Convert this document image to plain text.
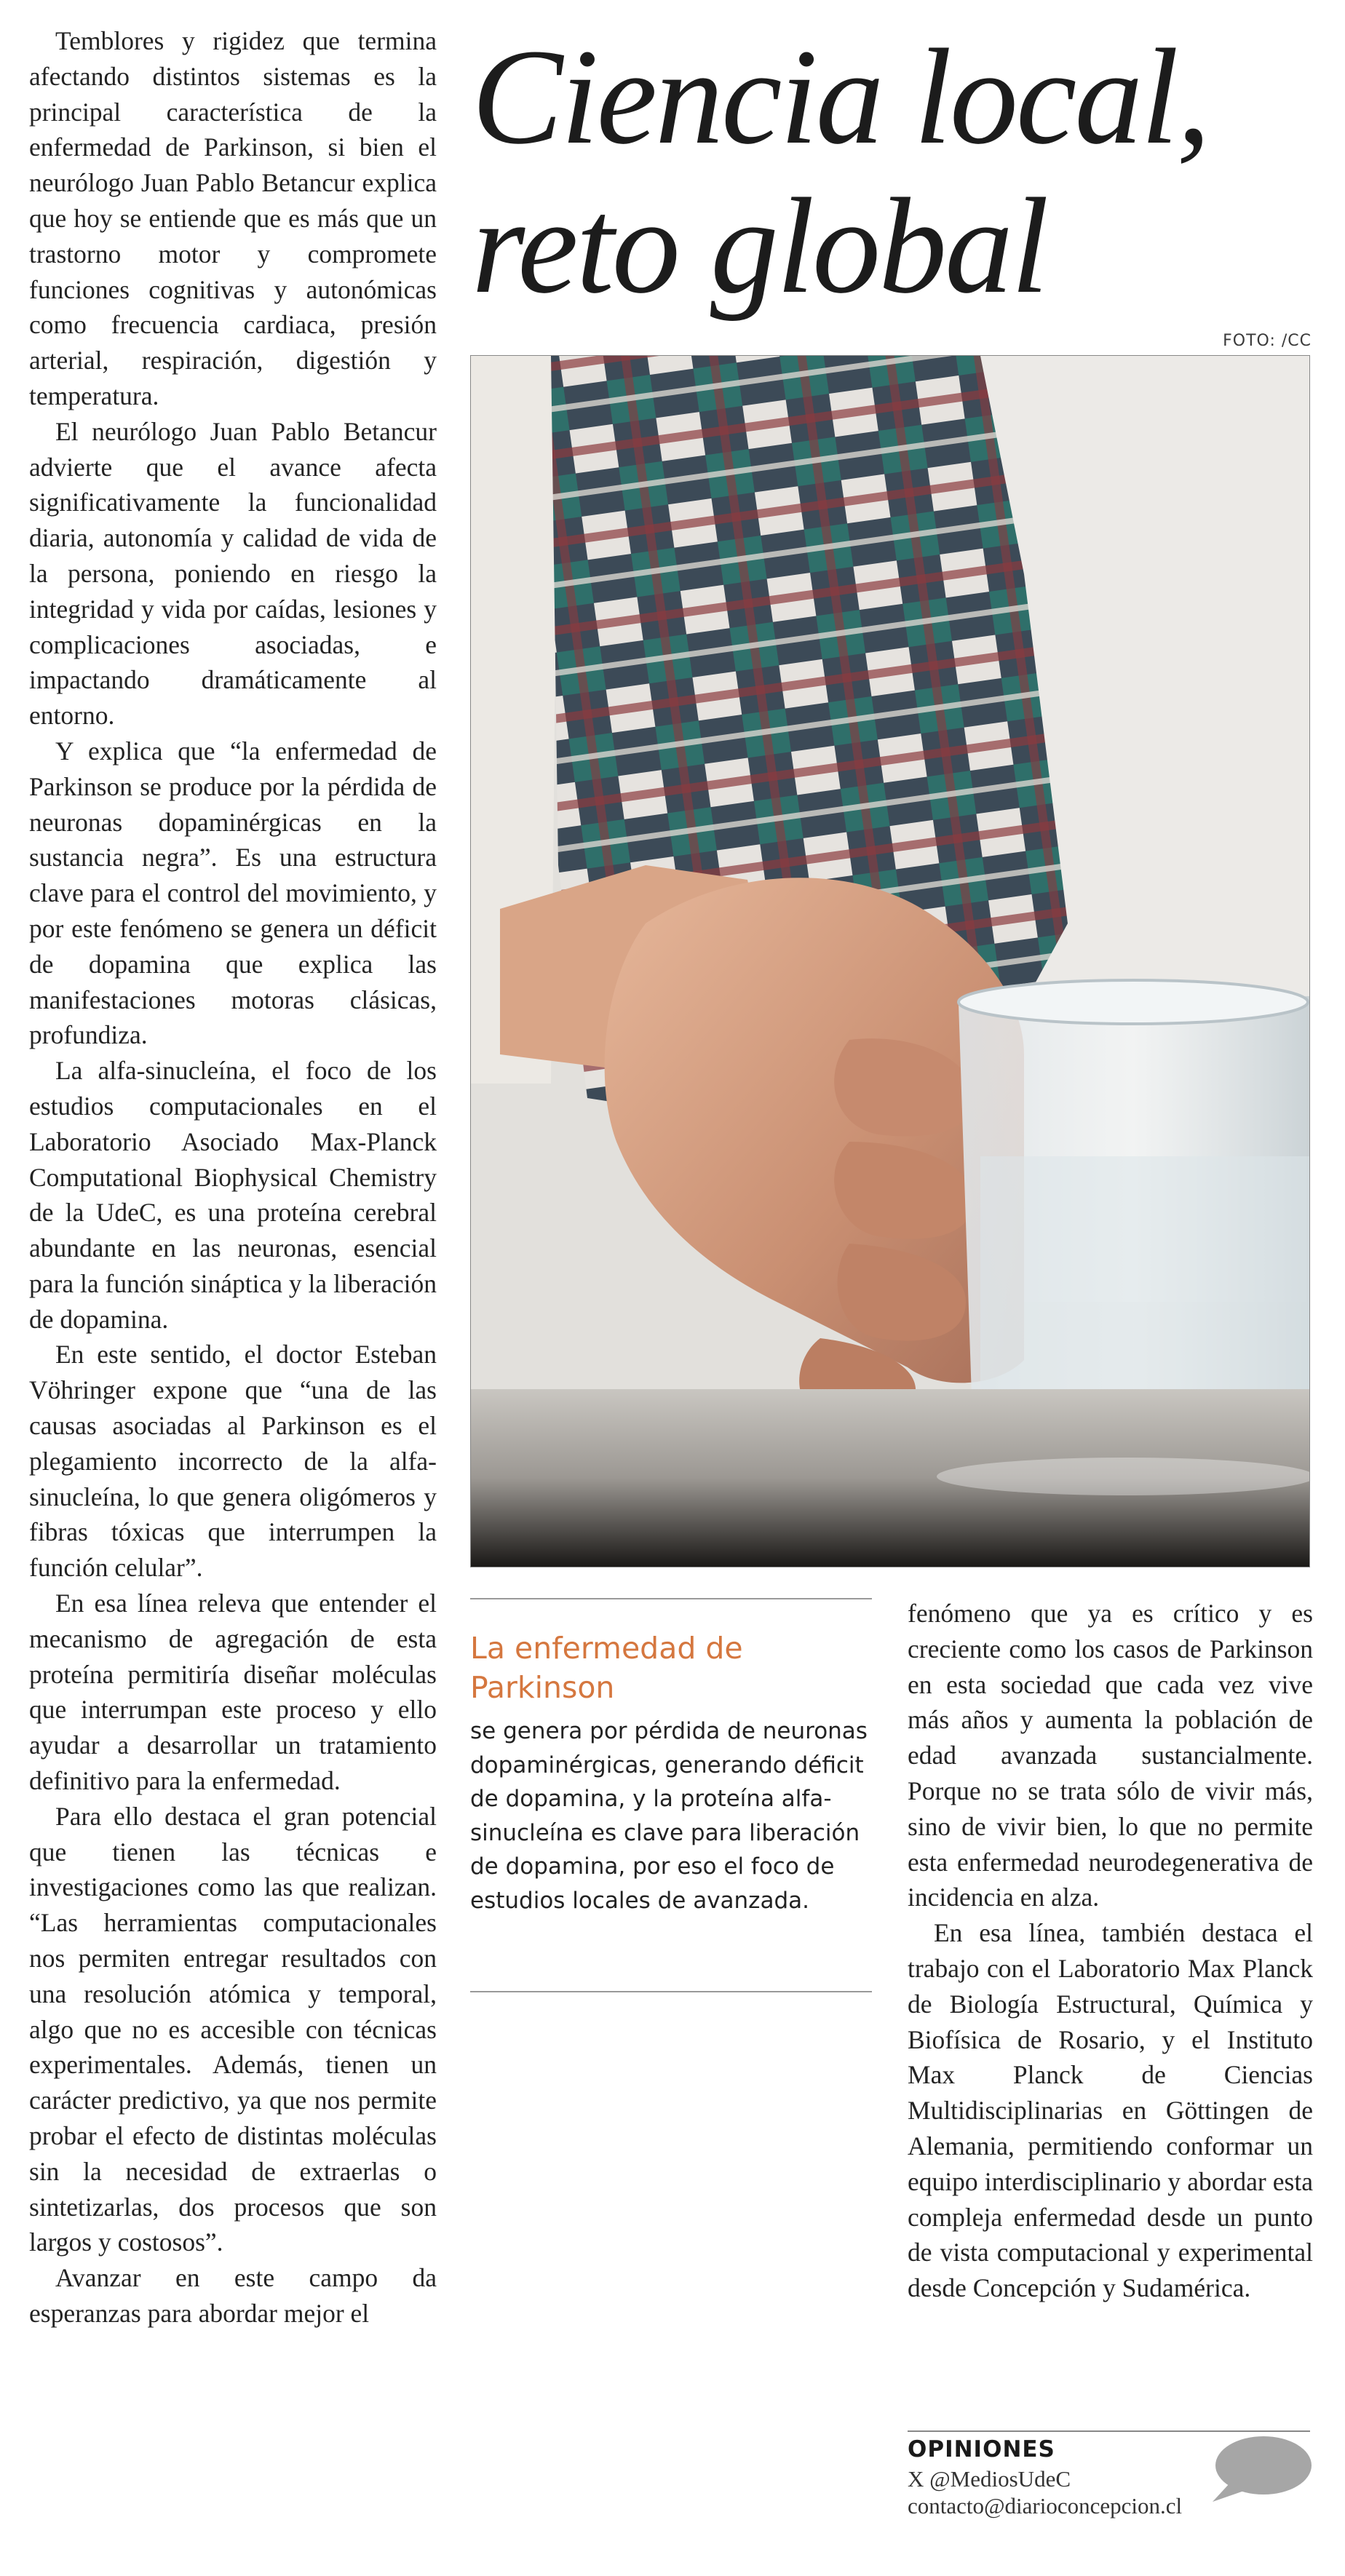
Temblores y rigidez que termina afectando distintos sistemas es la principal característica de la enfermedad de Parkinson, si bien el neurólogo Juan Pablo Betancur explica que hoy se entiende que es más que un trastorno motor y compromete funciones cognitivas y autonómicas como frecuencia cardiaca, presión arterial, respiración, digestión y temperatura.

El neurólogo Juan Pablo Betancur advierte que el avance afecta significativamente la funcionalidad diaria, autonomía y calidad de vida de la persona, poniendo en riesgo la integridad y vida por caídas, lesiones y complicaciones asociadas, e impactando dramáticamente al entorno.

Y explica que “la enfermedad de Parkinson se produce por la pérdida de neuronas dopaminérgicas en la sustancia negra”. Es una estructura clave para el control del movimiento, y por este fenómeno se genera un déficit de dopamina que explica las manifestaciones motoras clásicas, profundiza.

La alfa-sinucleína, el foco de los estudios computacionales en el Laboratorio Asociado Max-Planck Computational Biophysical Chemistry de la UdeC, es una proteína cerebral abundante en las neuronas, esencial para la función sináptica y la liberación de dopamina.

En este sentido, el doctor Esteban Vöhringer expone que “una de las causas asociadas al Parkinson es el plegamiento incorrecto de la alfa-sinucleína, lo que genera oligómeros y fibras tóxicas que interrumpen la función celular”.

En esa línea releva que entender el mecanismo de agregación de esta proteína permitiría diseñar moléculas que interrumpan este proceso y ello ayudar a desarrollar un tratamiento definitivo para la enfermedad.

Para ello destaca el gran potencial que tienen las técnicas e investigaciones como las que realizan. “Las herramientas computacionales nos permiten entregar resultados con una resolución atómica y temporal, algo que no es accesible con técnicas experimentales. Además, tienen un carácter predictivo, ya que nos permite probar el efecto de distintas moléculas sin la necesidad de extraerlas o sintetizarlas, dos procesos que son largos y costosos”.

Avanzar en este campo da esperanzas para abordar mejor el

Ciencia local, reto global
FOTO: /CC
La enfermedad de Parkinson

se genera por pérdida de neuronas dopaminérgicas, generando déficit de dopamina, y la proteína alfa-sinucleína es clave para liberación de dopamina, por eso el foco de estudios locales de avanzada.

fenómeno que ya es crítico y es creciente como los casos de Parkinson en esta sociedad que cada vez vive más años y aumenta la población de edad avanzada sustancialmente. Porque no se trata sólo de vivir más, sino de vivir bien, lo que no permite esta enfermedad neurodegenerativa de incidencia en alza.

En esa línea, también destaca el trabajo con el Laboratorio Max Planck de Biología Estructural, Química y Biofísica de Rosario, y el Instituto Max Planck de Ciencias Multidisciplinarias en Göttingen de Alemania, permitiendo conformar un equipo interdisciplinario y abordar esta compleja enfermedad desde un punto de vista computacional y experimental desde Concepción y Sudamérica.

OPINIONES
X @MediosUdeC
contacto@diarioconcepcion.cl
